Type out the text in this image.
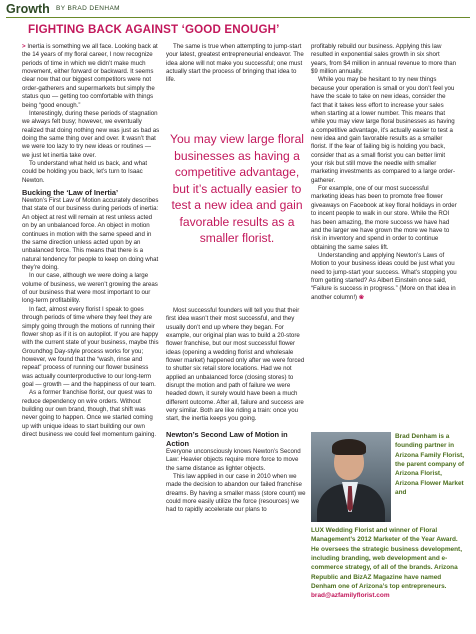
Growth BY BRAD DENHAM
FIGHTING BACK AGAINST ‘GOOD ENOUGH’

> Inertia is something we all face. Looking back at the 14 years of my floral career, I now recognize periods of time in which we didn’t make much movement, either forward or backward. It seems clear now that our biggest competitors were not order-gatherers and supermarkets but simply the status quo — getting too comfortable with things being “good enough.”

Interestingly, during these periods of stagnation we always felt busy; however, we eventually realized that doing nothing new was just as bad as doing the same thing over and over. It wasn’t that we were too lazy to try new ideas or routines — we just let inertia take over.

To understand what held us back, and what could be holding you back, let’s turn to Isaac Newton.

Bucking the ‘Law of Inertia’

Newton’s First Law of Motion accurately describes that state of our business during periods of inertia: An object at rest will remain at rest unless acted on by an unbalanced force. An object in motion continues in motion with the same speed and in the same direction unless acted upon by an unbalanced force. This means that there is a natural tendency for people to keep on doing what they’re doing.

In our case, although we were doing a large volume of business, we weren’t growing the areas of our business that were most important to our long-term profitability.

In fact, almost every florist I speak to goes through periods of time where they feel they are simply going through the motions of running their flower shop as if it is on autopilot. If you are happy with the current state of your business, maybe this Groundhog Day-style process works for you; however, we found that the “wash, rinse and repeat” process of running our flower business was actually counterproductive to our long-term goal — growth — and the happiness of our team.

As a former franchise florist, our quest was to reduce dependency on wire orders. Without building our own brand, though, that shift was never going to happen. Once we started coming up with unique ideas to start building our own direct business we could feel momentum gaining.

The same is true when attempting to jump-start your latest, greatest entrepreneurial endeavor. The idea alone will not make you successful; one must actually start the process of bringing that idea to life.

Most successful founders will tell you that their first idea wasn’t their most successful, and they usually don’t end up where they began. For example, our original plan was to build a 20-store flower franchise, but our most successful flower ideas (opening a wedding florist and wholesale flower market) happened only after we were forced to shutter six retail store locations. Had we not applied an unbalanced force (closing stores) to disrupt the motion and path of failure we were headed down, it surely would have been a much different outcome. After all, failure and success are very similar. Both are like riding a train: once you start, the inertia keeps you going.

Newton’s Second Law of Motion in Action

Everyone unconsciously knows Newton’s Second Law: Heavier objects require more force to move the same distance as lighter objects.

This law applied in our case in 2010 when we made the decision to abandon our failed franchise dreams. By having a smaller mass (store count) we could more easily utilize the force (resources) we had to rapidly accelerate our plans to

You may view large floral businesses as having a competitive advantage, but it’s actually easier to test a new idea and gain favorable results as a smaller florist.

profitably rebuild our business. Applying this law resulted in exponential sales growth in six short years, from $4 million in annual revenue to more than $9 million annually.

While you may be hesitant to try new things because your operation is small or you don’t feel you have the scale to take on new ideas, consider the fact that it takes less effort to increase your sales when starting at a lower number. This means that while you may view large floral businesses as having a competitive advantage, it’s actually easier to test a new idea and gain favorable results as a smaller florist. If the fear of failing big is holding you back, consider that as a small florist you can better limit your risk but still move the needle with smaller marketing investments as compared to a large order-gatherer.

For example, one of our most successful marketing ideas has been to promote free flower giveaways on Facebook at key floral holidays in order to incent people to walk in our store. While the ROI has been amazing, the more success we have had and the larger we have grown the more we have to risk in inventory and spend in order to continue obtaining the same sales lift.

Understanding and applying Newton’s Laws of Motion to your business ideas could be just what you need to jump-start your success. What’s stopping you from getting started? As Albert Einstein once said, “Failure is success in progress.” (More on that idea in another column!) ❀

Brad Denham is a founding partner in Arizona Family Florist, the parent company of Arizona Florist, Arizona Flower Market and
LUX Wedding Florist and winner of Floral Management’s 2012 Marketer of the Year Award. He oversees the strategic business development, including branding, web development and e-commerce strategy, of all of the brands. Arizona Republic and BizAZ Magazine have named Denham one of Arizona’s top entrepreneurs. brad@azfamilyflorist.com
